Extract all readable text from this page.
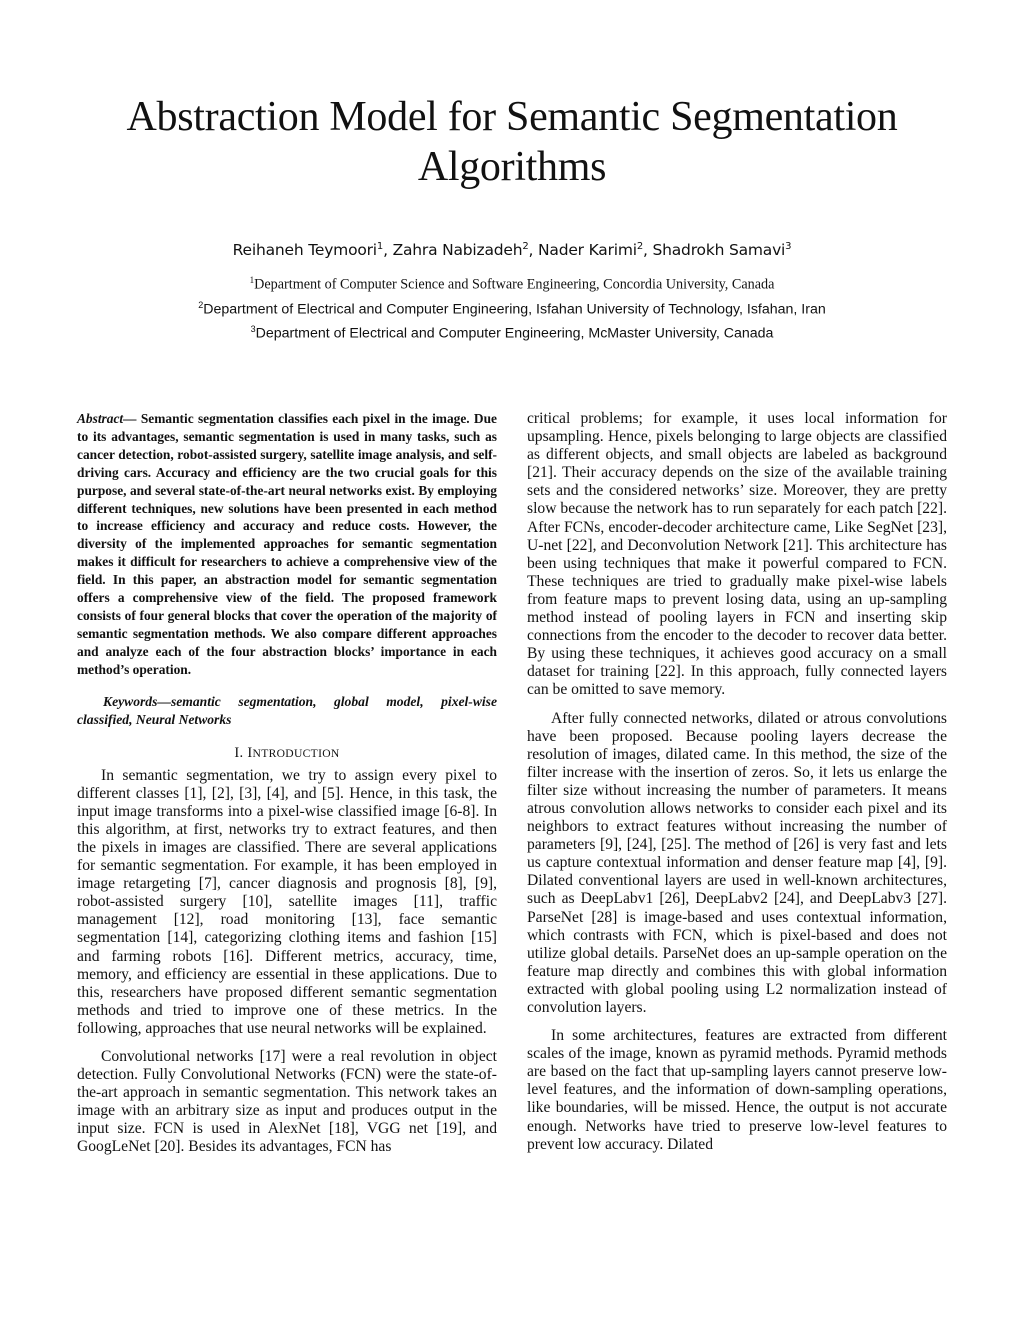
Abstraction Model for Semantic Segmentation
Algorithms
Reihaneh Teymoori$^1$, Zahra Nabizadeh$^2$, Nader Karimi$^2$, Shadrokh Samavi$^3$
$^1$Department of Computer Science and Software Engineering, Concordia University, Canada
$^2$Department of Electrical and Computer Engineering, Isfahan University of Technology, Isfahan, Iran
$^3$Department of Electrical and Computer Engineering, McMaster University, Canada

Abstract— Semantic segmentation classifies each pixel in the image. Due to its advantages, semantic segmentation is used in many tasks, such as cancer detection, robot-assisted surgery, satellite image analysis, and self-driving cars. Accuracy and efficiency are the two crucial goals for this purpose, and several state-of-the-art neural networks exist. By employing different techniques, new solutions have been presented in each method to increase efficiency and accuracy and reduce costs. However, the diversity of the implemented approaches for semantic segmentation makes it difficult for researchers to achieve a comprehensive view of the field. In this paper, an abstraction model for semantic segmentation offers a comprehensive view of the field. The proposed framework consists of four general blocks that cover the operation of the majority of semantic segmentation methods. We also compare different approaches and analyze each of the four abstraction blocks’ importance in each method’s operation.

Keywords—semantic segmentation, global model, pixel-wise classified, Neural Networks

I. INTRODUCTION

In semantic segmentation, we try to assign every pixel to different classes [1], [2], [3], [4], and [5]. Hence, in this task, the input image transforms into a pixel-wise classified image [6-8]. In this algorithm, at first, networks try to extract features, and then the pixels in images are classified. There are several applications for semantic segmentation. For example, it has been employed in image retargeting [7], cancer diagnosis and prognosis [8], [9], robot-assisted surgery [10], satellite images [11], traffic management [12], road monitoring [13], face semantic segmentation [14], categorizing clothing items and fashion [15] and farming robots [16]. Different metrics, accuracy, time, memory, and efficiency are essential in these applications. Due to this, researchers have proposed different semantic segmentation methods and tried to improve one of these metrics. In the following, approaches that use neural networks will be explained.

Convolutional networks [17] were a real revolution in object detection. Fully Convolutional Networks (FCN) were the state-of-the-art approach in semantic segmentation. This network takes an image with an arbitrary size as input and produces output in the input size. FCN is used in AlexNet [18], VGG net [19], and GoogLeNet [20]. Besides its advantages, FCN has

critical problems; for example, it uses local information for upsampling. Hence, pixels belonging to large objects are classified as different objects, and small objects are labeled as background [21]. Their accuracy depends on the size of the available training sets and the considered networks’ size. Moreover, they are pretty slow because the network has to run separately for each patch [22]. After FCNs, encoder-decoder architecture came, Like SegNet [23], U-net [22], and Deconvolution Network [21]. This architecture has been using techniques that make it powerful compared to FCN. These techniques are tried to gradually make pixel-wise labels from feature maps to prevent losing data, using an up-sampling method instead of pooling layers in FCN and inserting skip connections from the encoder to the decoder to recover data better. By using these techniques, it achieves good accuracy on a small dataset for training [22]. In this approach, fully connected layers can be omitted to save memory.

After fully connected networks, dilated or atrous convolutions have been proposed. Because pooling layers decrease the resolution of images, dilated came. In this method, the size of the filter increase with the insertion of zeros. So, it lets us enlarge the filter size without increasing the number of parameters. It means atrous convolution allows networks to consider each pixel and its neighbors to extract features without increasing the number of parameters [9], [24], [25]. The method of [26] is very fast and lets us capture contextual information and denser feature map [4], [9]. Dilated conventional layers are used in well-known architectures, such as DeepLabv1 [26], DeepLabv2 [24], and DeepLabv3 [27]. ParseNet [28] is image-based and uses contextual information, which contrasts with FCN, which is pixel-based and does not utilize global details. ParseNet does an up-sample operation on the feature map directly and combines this with global information extracted with global pooling using L2 normalization instead of convolution layers.

In some architectures, features are extracted from different scales of the image, known as pyramid methods. Pyramid methods are based on the fact that up-sampling layers cannot preserve low-level features, and the information of down-sampling operations, like boundaries, will be missed. Hence, the output is not accurate enough. Networks have tried to preserve low-level features to prevent low accuracy. Dilated
